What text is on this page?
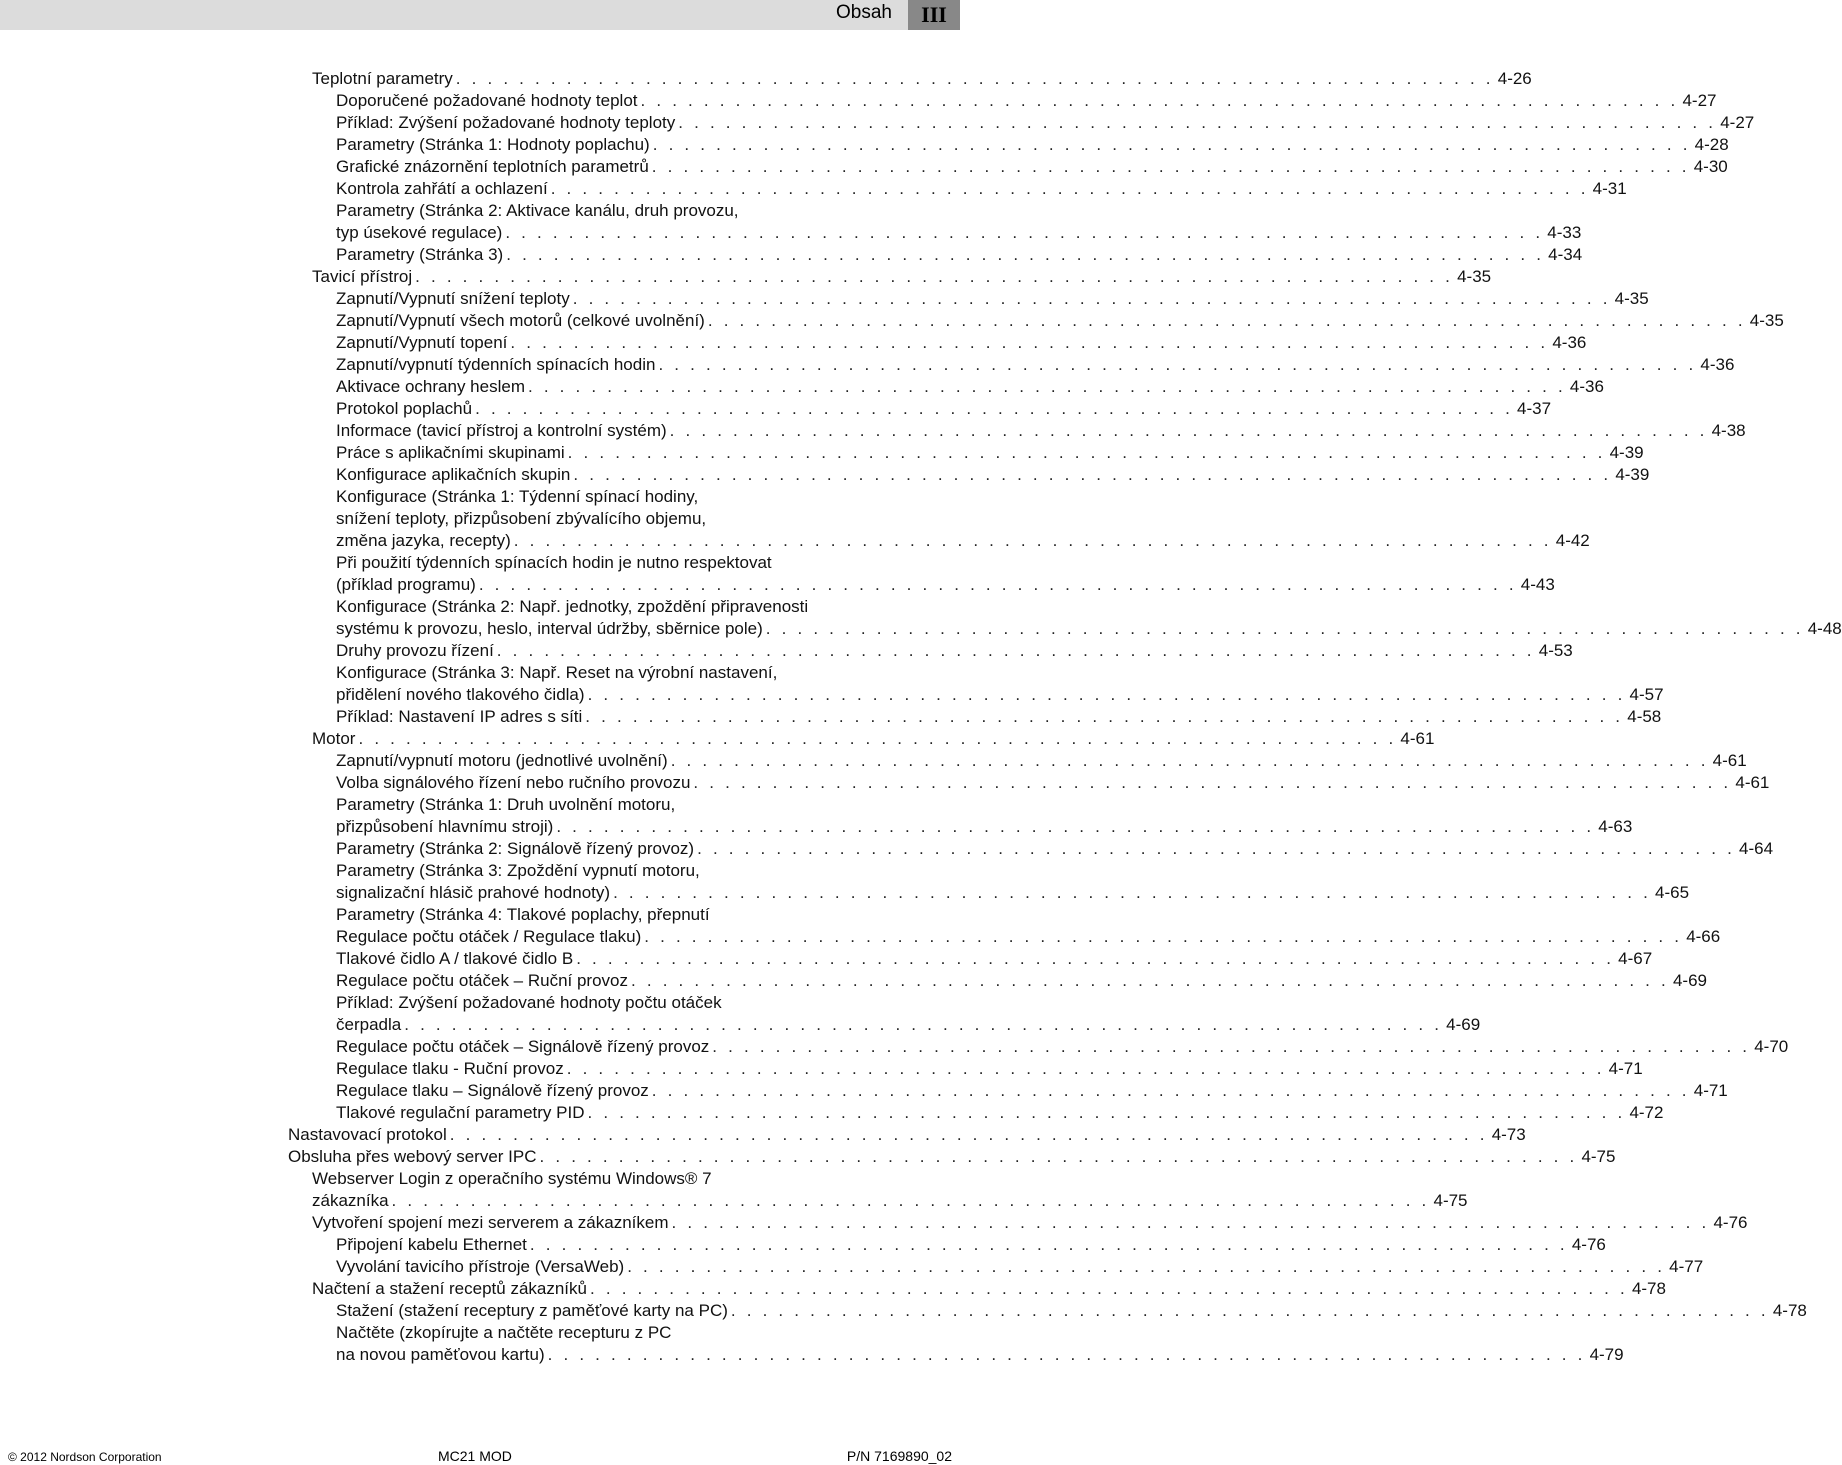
Obsah	III
Teplotní parametry . . . . . . . . . . . . . . . . . . . . . . . . . . . . . . . . . . . . . . . . . . . . . . . . . . . . . . . . . . . . . . . . . . 4-26
Doporučené požadované hodnoty teplot . . . . . . . . . . . . . . . . . . . . . . . . . . . . . . . . . . . . . . . . . . . . . . . . . . . . . . . . . . . . . . . . . . 4-27
Příklad: Zvýšení požadované hodnoty teploty . . . . . . . . . . . . . . . . . . . . . . . . . . . . . . . . . . . . . . . . . . . . . . . . . . . . . . . . . . . . . . . . . . 4-27
Parametry (Stránka 1: Hodnoty poplachu) . . . . . . . . . . . . . . . . . . . . . . . . . . . . . . . . . . . . . . . . . . . . . . . . . . . . . . . . . . . . . . . . . . 4-28
Grafické znázornění teplotních parametrů . . . . . . . . . . . . . . . . . . . . . . . . . . . . . . . . . . . . . . . . . . . . . . . . . . . . . . . . . . . . . . . . . . 4-30
Kontrola zahřátí a ochlazení . . . . . . . . . . . . . . . . . . . . . . . . . . . . . . . . . . . . . . . . . . . . . . . . . . . . . . . . . . . . . . . . . . 4-31
Parametry (Stránka 2: Aktivace kanálu, druh provozu,
typ úsekové regulace) . . . . . . . . . . . . . . . . . . . . . . . . . . . . . . . . . . . . . . . . . . . . . . . . . . . . . . . . . . . . . . . . . . 4-33
Parametry (Stránka 3) . . . . . . . . . . . . . . . . . . . . . . . . . . . . . . . . . . . . . . . . . . . . . . . . . . . . . . . . . . . . . . . . . . 4-34
Tavicí přístroj . . . . . . . . . . . . . . . . . . . . . . . . . . . . . . . . . . . . . . . . . . . . . . . . . . . . . . . . . . . . . . . . . . 4-35
Zapnutí/Vypnutí snížení teploty . . . . . . . . . . . . . . . . . . . . . . . . . . . . . . . . . . . . . . . . . . . . . . . . . . . . . . . . . . . . . . . . . . 4-35
Zapnutí/Vypnutí všech motorů (celkové uvolnění) . . . . . . . . . . . . . . . . . . . . . . . . . . . . . . . . . . . . . . . . . . . . . . . . . . . . . . . . . . . . . . . . . . 4-35
Zapnutí/Vypnutí topení . . . . . . . . . . . . . . . . . . . . . . . . . . . . . . . . . . . . . . . . . . . . . . . . . . . . . . . . . . . . . . . . . . 4-36
Zapnutí/vypnutí týdenních spínacích hodin . . . . . . . . . . . . . . . . . . . . . . . . . . . . . . . . . . . . . . . . . . . . . . . . . . . . . . . . . . . . . . . . . . 4-36
Aktivace ochrany heslem . . . . . . . . . . . . . . . . . . . . . . . . . . . . . . . . . . . . . . . . . . . . . . . . . . . . . . . . . . . . . . . . . . 4-36
Protokol poplachů . . . . . . . . . . . . . . . . . . . . . . . . . . . . . . . . . . . . . . . . . . . . . . . . . . . . . . . . . . . . . . . . . . 4-37
Informace (tavicí přístroj a kontrolní systém) . . . . . . . . . . . . . . . . . . . . . . . . . . . . . . . . . . . . . . . . . . . . . . . . . . . . . . . . . . . . . . . . . . 4-38
Práce s aplikačními skupinami . . . . . . . . . . . . . . . . . . . . . . . . . . . . . . . . . . . . . . . . . . . . . . . . . . . . . . . . . . . . . . . . . . 4-39
Konfigurace aplikačních skupin . . . . . . . . . . . . . . . . . . . . . . . . . . . . . . . . . . . . . . . . . . . . . . . . . . . . . . . . . . . . . . . . . . 4-39
Konfigurace (Stránka 1: Týdenní spínací hodiny,
snížení teploty, přizpůsobení zbývalícího objemu,
změna jazyka, recepty) . . . . . . . . . . . . . . . . . . . . . . . . . . . . . . . . . . . . . . . . . . . . . . . . . . . . . . . . . . . . . . . . . . 4-42
Při použití týdenních spínacích hodin je nutno respektovat
(příklad programu) . . . . . . . . . . . . . . . . . . . . . . . . . . . . . . . . . . . . . . . . . . . . . . . . . . . . . . . . . . . . . . . . . . 4-43
Konfigurace (Stránka 2: Např. jednotky, zpoždění připravenosti
systému k provozu, heslo, interval údržby, sběrnice pole) . . . . . . . . . . . . . . . . . . . . . . . . . . . . . . . . . . . . . . . . . . . . . . . . . . . . . . . . . . . . . . . . . . 4-48
Druhy provozu řízení . . . . . . . . . . . . . . . . . . . . . . . . . . . . . . . . . . . . . . . . . . . . . . . . . . . . . . . . . . . . . . . . . . 4-53
Konfigurace (Stránka 3: Např. Reset na výrobní nastavení,
přidělení nového tlakového čidla) . . . . . . . . . . . . . . . . . . . . . . . . . . . . . . . . . . . . . . . . . . . . . . . . . . . . . . . . . . . . . . . . . . 4-57
Příklad: Nastavení IP adres s síti . . . . . . . . . . . . . . . . . . . . . . . . . . . . . . . . . . . . . . . . . . . . . . . . . . . . . . . . . . . . . . . . . . 4-58
Motor . . . . . . . . . . . . . . . . . . . . . . . . . . . . . . . . . . . . . . . . . . . . . . . . . . . . . . . . . . . . . . . . . . 4-61
Zapnutí/vypnutí motoru (jednotlivé uvolnění) . . . . . . . . . . . . . . . . . . . . . . . . . . . . . . . . . . . . . . . . . . . . . . . . . . . . . . . . . . . . . . . . . . 4-61
Volba signálového řízení nebo ručního provozu . . . . . . . . . . . . . . . . . . . . . . . . . . . . . . . . . . . . . . . . . . . . . . . . . . . . . . . . . . . . . . . . . . 4-61
Parametry (Stránka 1: Druh uvolnění motoru,
přizpůsobení hlavnímu stroji) . . . . . . . . . . . . . . . . . . . . . . . . . . . . . . . . . . . . . . . . . . . . . . . . . . . . . . . . . . . . . . . . . . 4-63
Parametry (Stránka 2: Signálově řízený provoz) . . . . . . . . . . . . . . . . . . . . . . . . . . . . . . . . . . . . . . . . . . . . . . . . . . . . . . . . . . . . . . . . . . 4-64
Parametry (Stránka 3: Zpoždění vypnutí motoru,
signalizační hlásič prahové hodnoty) . . . . . . . . . . . . . . . . . . . . . . . . . . . . . . . . . . . . . . . . . . . . . . . . . . . . . . . . . . . . . . . . . . 4-65
Parametry (Stránka 4: Tlakové poplachy, přepnutí
Regulace počtu otáček / Regulace tlaku) . . . . . . . . . . . . . . . . . . . . . . . . . . . . . . . . . . . . . . . . . . . . . . . . . . . . . . . . . . . . . . . . . . 4-66
Tlakové čidlo A / tlakové čidlo B . . . . . . . . . . . . . . . . . . . . . . . . . . . . . . . . . . . . . . . . . . . . . . . . . . . . . . . . . . . . . . . . . . 4-67
Regulace počtu otáček – Ruční provoz . . . . . . . . . . . . . . . . . . . . . . . . . . . . . . . . . . . . . . . . . . . . . . . . . . . . . . . . . . . . . . . . . . 4-69
Příklad: Zvýšení požadované hodnoty počtu otáček
čerpadla . . . . . . . . . . . . . . . . . . . . . . . . . . . . . . . . . . . . . . . . . . . . . . . . . . . . . . . . . . . . . . . . . . 4-69
Regulace počtu otáček – Signálově řízený provoz . . . . . . . . . . . . . . . . . . . . . . . . . . . . . . . . . . . . . . . . . . . . . . . . . . . . . . . . . . . . . . . . . . 4-70
Regulace tlaku - Ruční provoz . . . . . . . . . . . . . . . . . . . . . . . . . . . . . . . . . . . . . . . . . . . . . . . . . . . . . . . . . . . . . . . . . . 4-71
Regulace tlaku – Signálově řízený provoz . . . . . . . . . . . . . . . . . . . . . . . . . . . . . . . . . . . . . . . . . . . . . . . . . . . . . . . . . . . . . . . . . . 4-71
Tlakové regulační parametry PID . . . . . . . . . . . . . . . . . . . . . . . . . . . . . . . . . . . . . . . . . . . . . . . . . . . . . . . . . . . . . . . . . . 4-72
Nastavovací protokol . . . . . . . . . . . . . . . . . . . . . . . . . . . . . . . . . . . . . . . . . . . . . . . . . . . . . . . . . . . . . . . . . . 4-73
Obsluha přes webový server IPC . . . . . . . . . . . . . . . . . . . . . . . . . . . . . . . . . . . . . . . . . . . . . . . . . . . . . . . . . . . . . . . . . . 4-75
Webserver Login z operačního systému Windows® 7
zákazníka . . . . . . . . . . . . . . . . . . . . . . . . . . . . . . . . . . . . . . . . . . . . . . . . . . . . . . . . . . . . . . . . . . 4-75
Vytvoření spojení mezi serverem a zákazníkem . . . . . . . . . . . . . . . . . . . . . . . . . . . . . . . . . . . . . . . . . . . . . . . . . . . . . . . . . . . . . . . . . . 4-76
Připojení kabelu Ethernet . . . . . . . . . . . . . . . . . . . . . . . . . . . . . . . . . . . . . . . . . . . . . . . . . . . . . . . . . . . . . . . . . . 4-76
Vyvolání tavicího přístroje (VersaWeb) . . . . . . . . . . . . . . . . . . . . . . . . . . . . . . . . . . . . . . . . . . . . . . . . . . . . . . . . . . . . . . . . . . 4-77
Načtení a stažení receptů zákazníků . . . . . . . . . . . . . . . . . . . . . . . . . . . . . . . . . . . . . . . . . . . . . . . . . . . . . . . . . . . . . . . . . . 4-78
Stažení (stažení receptury z paměťové karty na PC) . . . . . . . . . . . . . . . . . . . . . . . . . . . . . . . . . . . . . . . . . . . . . . . . . . . . . . . . . . . . . . . . . . 4-78
Načtěte (zkopírujte a načtěte recepturu z PC
na novou paměťovou kartu) . . . . . . . . . . . . . . . . . . . . . . . . . . . . . . . . . . . . . . . . . . . . . . . . . . . . . . . . . . . . . . . . . . 4-79
© 2012 Nordson Corporation	MC21 MOD	P/N 7169890_02
